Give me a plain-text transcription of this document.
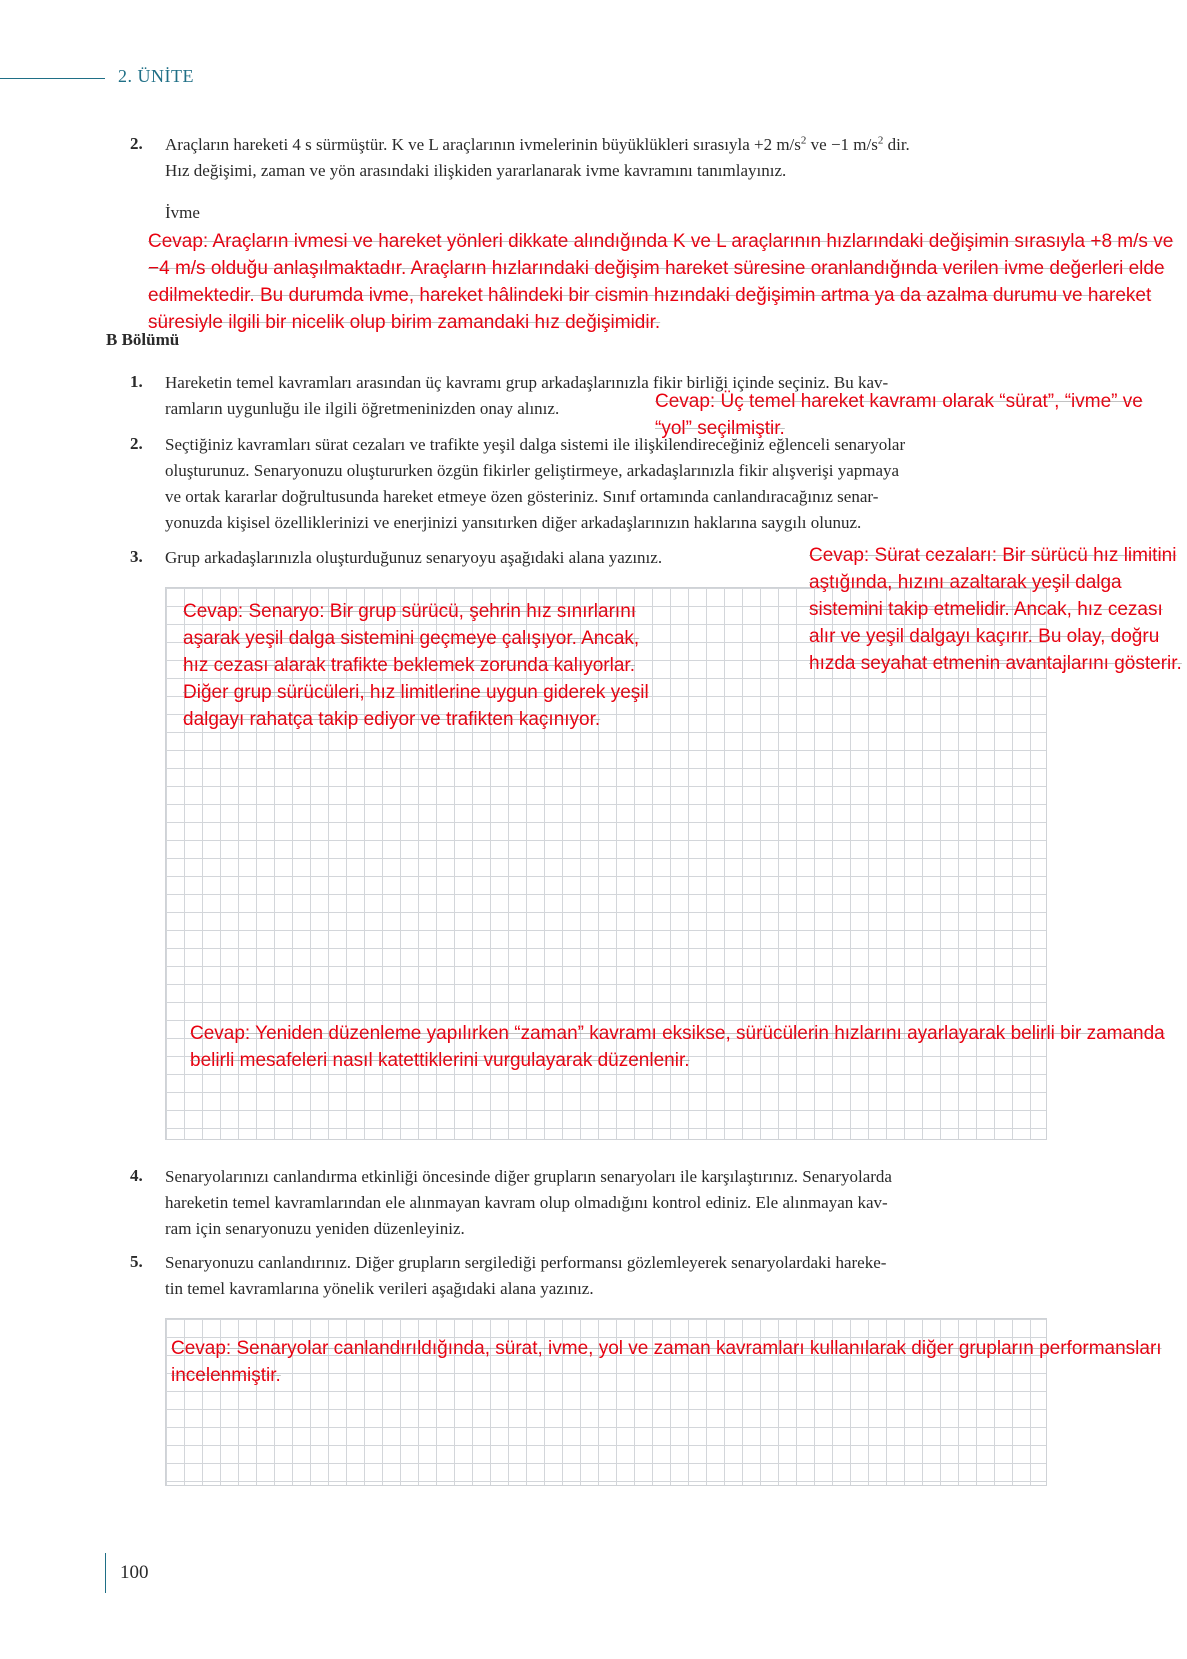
2. ÜNİTE
2.	Araçların hareketi 4 s sürmüştür. K ve L araçlarının ivmelerinin büyüklükleri sırasıyla +2 $m/s^2$ ve −1 $m/s^2$ dir.
Hız değişimi, zaman ve yön arasındaki ilişkiden yararlanarak ivme kavramını tanımlayınız.
İvme
Cevap: Araçların ivmesi ve hareket yönleri dikkate alındığında K ve L araçlarının hızlarındaki değişimin sırasıyla +8 m/s ve −4 m/s olduğu anlaşılmaktadır. Araçların hızlarındaki değişim hareket süresine oranlandığında verilen ivme değerleri elde edilmektedir. Bu durumda ivme, hareket hâlindeki bir cismin hızındaki değişimin artma ya da azalma durumu ve hareket süresiyle ilgili bir nicelik olup birim zamandaki hız değişimidir.
B Bölümü
1.	Hareketin temel kavramları arasından üç kavramı grup arkadaşlarınızla fikir birliği içinde seçiniz. Bu kav-
ramların uygunluğu ile ilgili öğretmeninizden onay alınız.	Cevap: Üç temel hareket kavramı olarak “sürat”, “ivme” ve “yol” seçilmiştir.
2.	Seçtiğiniz kavramları sürat cezaları ve trafikte yeşil dalga sistemi ile ilişkilendireceğiniz eğlenceli senaryolar
oluşturunuz. Senaryonuzu oluştururken özgün fikirler geliştirmeye, arkadaşlarınızla fikir alışverişi yapmaya
ve ortak kararlar doğrultusunda hareket etmeye özen gösteriniz. Sınıf ortamında canlandıracağınız senar-
yonuzda kişisel özelliklerinizi ve enerjinizi yansıtırken diğer arkadaşlarınızın haklarına saygılı olunuz.
3.	Grup arkadaşlarınızla oluşturduğunuz senaryoyu aşağıdaki alana yazınız.	Cevap: Sürat cezaları: Bir sürücü hız limitini aştığında, hızını azaltarak yeşil dalga sistemini takip etmelidir. Ancak, hız cezası alır ve yeşil dalgayı kaçırır. Bu olay, doğru hızda seyahat etmenin avantajlarını gösterir.
Cevap: Senaryo: Bir grup sürücü, şehrin hız sınırlarını aşarak yeşil dalga sistemini geçmeye çalışıyor. Ancak, hız cezası alarak trafikte beklemek zorunda kalıyorlar. Diğer grup sürücüleri, hız limitlerine uygun giderek yeşil dalgayı rahatça takip ediyor ve trafikten kaçınıyor.
Cevap: Yeniden düzenleme yapılırken “zaman” kavramı eksikse, sürücülerin hızlarını ayarlayarak belirli bir zamanda belirli mesafeleri nasıl katettiklerini vurgulayarak düzenlenir.
4.	Senaryolarınızı canlandırma etkinliği öncesinde diğer grupların senaryoları ile karşılaştırınız. Senaryolarda
hareketin temel kavramlarından ele alınmayan kavram olup olmadığını kontrol ediniz. Ele alınmayan kav-
ram için senaryonuzu yeniden düzenleyiniz.
5.	Senaryonuzu canlandırınız. Diğer grupların sergilediği performansı gözlemleyerek senaryolardaki hareke-
tin temel kavramlarına yönelik verileri aşağıdaki alana yazınız.
Cevap: Senaryolar canlandırıldığında, sürat, ivme, yol ve zaman kavramları kullanılarak diğer grupların performansları incelenmiştir.
100
